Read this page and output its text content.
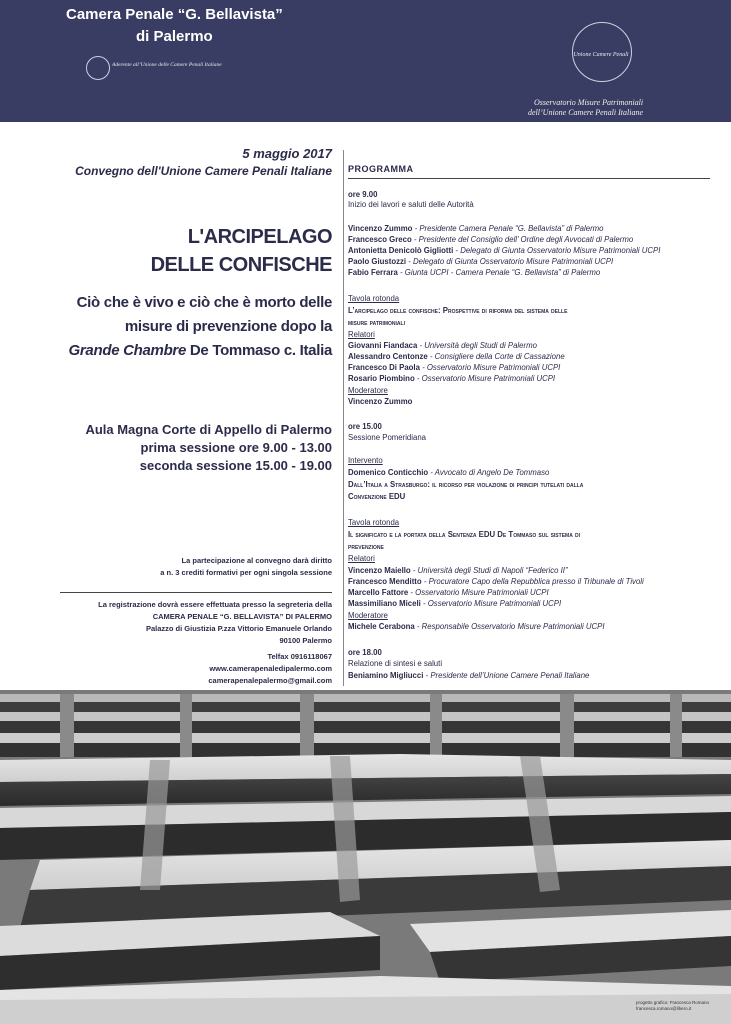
Camera Penale “G. Bellavista”
di Palermo
Aderente all’Unione delle Camere Penali Italiane
Unione Camere Penali
Osservatorio Misure Patrimoniali
dell’Unione Camere Penali Italiane
5 maggio 2017
Convegno dell'Unione Camere Penali Italiane
L'ARCIPELAGO
DELLE CONFISCHE
Ciò che è vivo e ciò che è morto delle
misure di prevenzione dopo la
Grande Chambre De Tommaso c. Italia
Aula Magna Corte di Appello di Palermo
prima sessione ore 9.00 - 13.00
seconda sessione 15.00 - 19.00
La partecipazione al convegno darà diritto
a n. 3 crediti formativi per ogni singola sessione
La registrazione dovrà essere effettuata presso la segreteria della
CAMERA PENALE “G. BELLAVISTA” DI PALERMO
Palazzo di Giustizia P.zza Vittorio Emanuele Orlando
90100 Palermo
Telfax 0916118067
www.camerapenaledipalermo.com
camerapenalepalermo@gmail.com
PROGRAMMA
ore 9.00
Inizio dei lavori e saluti delle Autorità
Vincenzo Zummo - Presidente Camera Penale “G. Bellavista” di Palermo
Francesco Greco - Presidente del Consiglio dell’ Ordine degli Avvocati di Palermo
Antonietta Denicolò Gigliotti - Delegato di Giunta Osservatorio Misure Patrimoniali UCPI
Paolo Giustozzi - Delegato di Giunta Osservatorio Misure Patrimoniali UCPI
Fabio Ferrara - Giunta UCPI - Camera Penale “G. Bellavista” di Palermo
Tavola rotonda
L’arcipelago delle confische: Prospettive di riforma del sistema delle
misure patrimoniali
Relatori
Giovanni Fiandaca - Università degli Studi di Palermo
Alessandro Centonze - Consigliere della Corte di Cassazione
Francesco Di Paola - Osservatorio Misure Patrimoniali UCPI
Rosario Piombino - Osservatorio Misure Patrimoniali UCPI
Moderatore
Vincenzo Zummo
ore 15.00
Sessione Pomeridiana
Intervento
Domenico Conticchio - Avvocato di Angelo De Tommaso
Dall’Italia a Strasburgo: il ricorso per violazione di principi tutelati dalla
Convenzione EDU
Tavola rotonda
Il significato e la portata della Sentenza EDU De Tommaso sul sistema di
prevenzione
Relatori
Vincenzo Maiello - Università degli Studi di Napoli “Federico II”
Francesco Menditto - Procuratore Capo della Repubblica presso il Tribunale di Tivoli
Marcello Fattore - Osservatorio Misure Patrimoniali UCPI
Massimiliano Miceli - Osservatorio Misure Patrimoniali UCPI
Moderatore
Michele Cerabona - Responsabile Osservatorio Misure Patrimoniali UCPI
ore 18.00
Relazione di sintesi e saluti
Beniamino Migliucci - Presidente dell’Unione Camere Penali Italiane
progetto grafico: Francesca Romano
francesca.romano@libero.it
